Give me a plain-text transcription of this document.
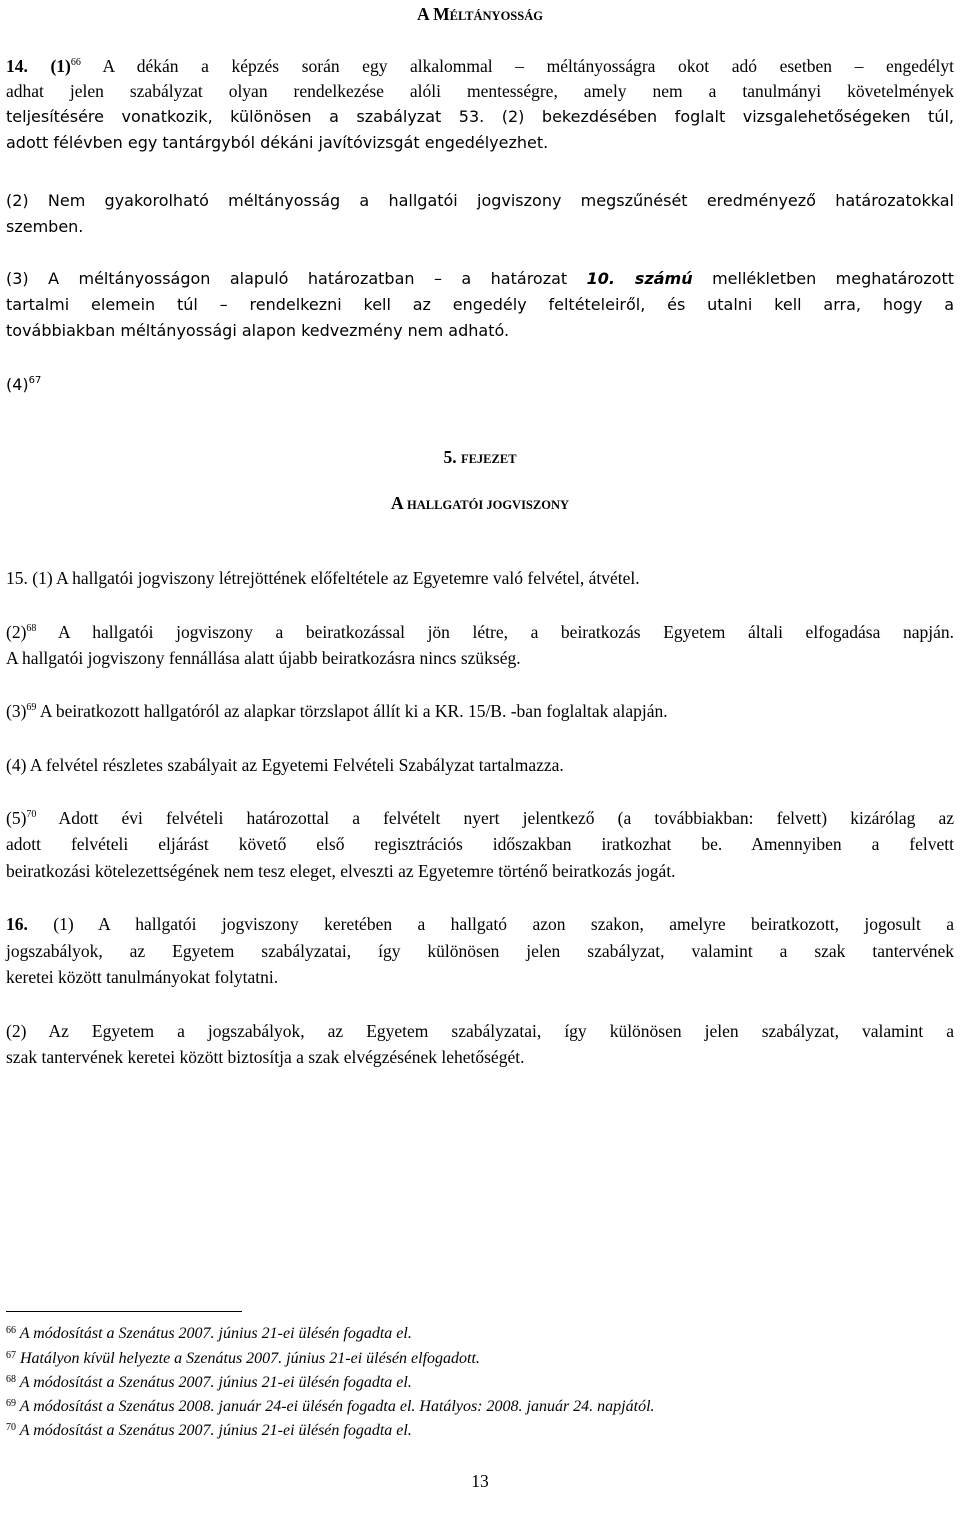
A MÉLTÁNYOSSÁG
14. $(1)^{66}$ A dékán a képzés során egy alkalommal – méltányosságra okot adó esetben – engedélyt
adhat jelen szabályzat olyan rendelkezése alóli mentességre, amely nem a tanulmányi követelmények
teljesítésére vonatkozik, különösen a szabályzat 53. (2) bekezdésében foglalt vizsgalehetőségeken túl,
adott félévben egy tantárgyból dékáni javítóvizsgát engedélyezhet.
(2) Nem gyakorolható méltányosság a hallgatói jogviszony megszűnését eredményező határozatokkal
szemben.
(3) A méltányosságon alapuló határozatban – a határozat 10. számú mellékletben meghatározott
tartalmi elemein túl – rendelkezni kell az engedély feltételeiről, és utalni kell arra, hogy a
továbbiakban méltányossági alapon kedvezmény nem adható.
$(4)^{67}$
5. FEJEZET
A HALLGATÓI JOGVISZONY
15. (1) A hallgatói jogviszony létrejöttének előfeltétele az Egyetemre való felvétel, átvétel.
$(2)^{68}$ A hallgatói jogviszony a beiratkozással jön létre, a beiratkozás Egyetem általi elfogadása napján.
A hallgatói jogviszony fennállása alatt újabb beiratkozásra nincs szükség.
$(3)^{69}$ A beiratkozott hallgatóról az alapkar törzslapot állít ki a KR. 15/B. -ban foglaltak alapján.
(4) A felvétel részletes szabályait az Egyetemi Felvételi Szabályzat tartalmazza.
$(5)^{70}$ Adott évi felvételi határozottal a felvételt nyert jelentkező (a továbbiakban: felvett) kizárólag az
adott felvételi eljárást követő első regisztrációs időszakban iratkozhat be. Amennyiben a felvett
beiratkozási kötelezettségének nem tesz eleget, elveszti az Egyetemre történő beiratkozás jogát.
16. (1) A hallgatói jogviszony keretében a hallgató azon szakon, amelyre beiratkozott, jogosult a
jogszabályok, az Egyetem szabályzatai, így különösen jelen szabályzat, valamint a szak tantervének
keretei között tanulmányokat folytatni.
(2) Az Egyetem a jogszabályok, az Egyetem szabályzatai, így különösen jelen szabályzat, valamint a
szak tantervének keretei között biztosítja a szak elvégzésének lehetőségét.
$^{66}$ A módosítást a Szenátus 2007. június 21-ei ülésén fogadta el.
$^{67}$ Hatályon kívül helyezte a Szenátus 2007. június 21-ei ülésén elfogadott.
$^{68}$ A módosítást a Szenátus 2007. június 21-ei ülésén fogadta el.
$^{69}$ A módosítást a Szenátus 2008. január 24-ei ülésén fogadta el. Hatályos: 2008. január 24. napjától.
$^{70}$ A módosítást a Szenátus 2007. június 21-ei ülésén fogadta el.
13
